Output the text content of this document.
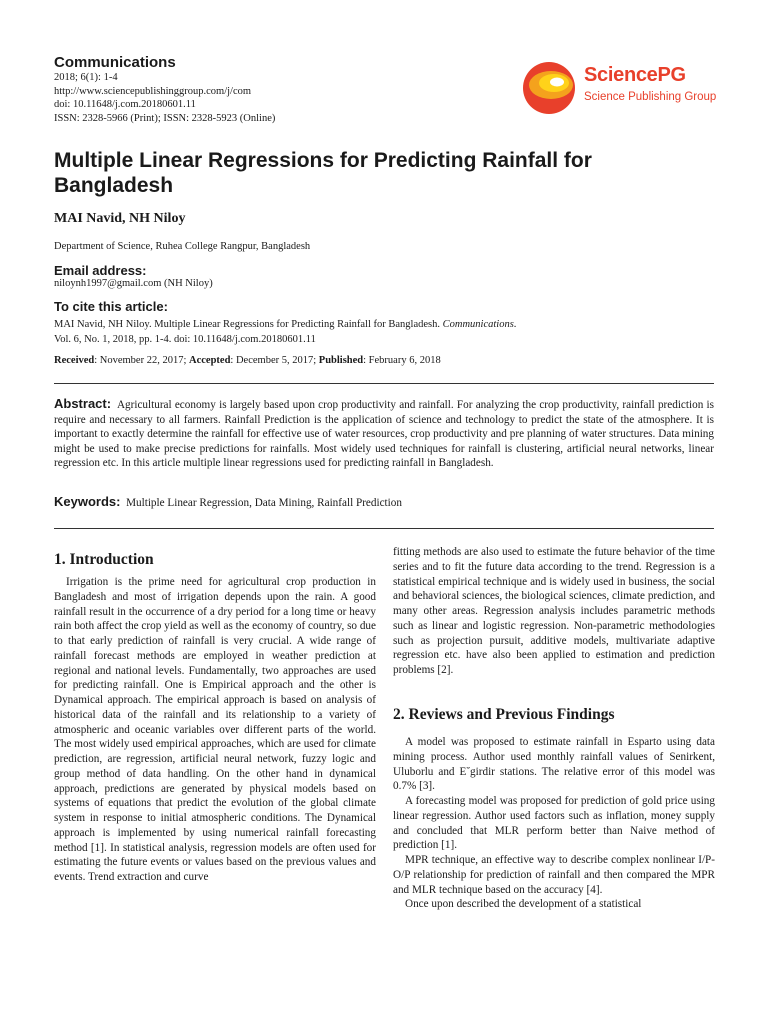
Communications
2018; 6(1): 1-4
http://www.sciencepublishinggroup.com/j/com
doi: 10.11648/j.com.20180601.11
ISSN: 2328-5966 (Print); ISSN: 2328-5923 (Online)
SciencePG
Science Publishing Group
Multiple Linear Regressions for Predicting Rainfall for Bangladesh
MAI Navid, NH Niloy
Department of Science, Ruhea College Rangpur, Bangladesh
Email address:
niloynh1997@gmail.com (NH Niloy)
To cite this article:
MAI Navid, NH Niloy. Multiple Linear Regressions for Predicting Rainfall for Bangladesh. Communications.
Vol. 6, No. 1, 2018, pp. 1-4. doi: 10.11648/j.com.20180601.11
Received: November 22, 2017; Accepted: December 5, 2017; Published: February 6, 2018
Abstract: Agricultural economy is largely based upon crop productivity and rainfall. For analyzing the crop productivity, rainfall prediction is require and necessary to all farmers. Rainfall Prediction is the application of science and technology to predict the state of the atmosphere. It is important to exactly determine the rainfall for effective use of water resources, crop productivity and pre planning of water structures. Data mining might be used to make precise predictions for rainfalls. Most widely used techniques for rainfall is clustering, artificial neural networks, linear regression etc. In this article multiple linear regressions used for predicting rainfall in Bangladesh.
Keywords: Multiple Linear Regression, Data Mining, Rainfall Prediction
1. Introduction

Irrigation is the prime need for agricultural crop production in Bangladesh and most of irrigation depends upon the rain. A good rainfall result in the occurrence of a dry period for a long time or heavy rain both affect the crop yield as well as the economy of country, so due to that early prediction of rainfall is very crucial. A wide range of rainfall forecast methods are employed in weather prediction at regional and national levels. Fundamentally, two approaches are used for predicting rainfall. One is Empirical approach and the other is Dynamical approach. The empirical approach is based on analysis of historical data of the rainfall and its relationship to a variety of atmospheric and oceanic variables over different parts of the world. The most widely used empirical approaches, which are used for climate prediction, are regression, artificial neural network, fuzzy logic and group method of data handling. On the other hand in dynamical approach, predictions are generated by physical models based on systems of equations that predict the evolution of the global climate system in response to initial atmospheric conditions. The Dynamical approach is implemented by using numerical rainfall forecasting method [1]. In statistical analysis, regression models are often used for estimating the future events or values based on the previous values and events. Trend extraction and curve

fitting methods are also used to estimate the future behavior of the time series and to fit the future data according to the trend. Regression is a statistical empirical technique and is widely used in business, the social and behavioral sciences, the biological sciences, climate prediction, and many other areas. Regression analysis includes parametric methods such as linear and logistic regression. Non-parametric methodologies such as projection pursuit, additive models, multivariate adaptive regression etc. have also been applied to estimation and prediction problems [2].

2. Reviews and Previous Findings

A model was proposed to estimate rainfall in Esparto using data mining process. Author used monthly rainfall values of Senirkent, Uluborlu and E˘girdir stations. The relative error of this model was 0.7% [3].

A forecasting model was proposed for prediction of gold price using linear regression. Author used factors such as inflation, money supply and concluded that MLR perform better than Naive method of prediction [1].

MPR technique, an effective way to describe complex nonlinear I/P-O/P relationship for prediction of rainfall and then compared the MPR and MLR technique based on the accuracy [4].

Once upon described the development of a statistical
